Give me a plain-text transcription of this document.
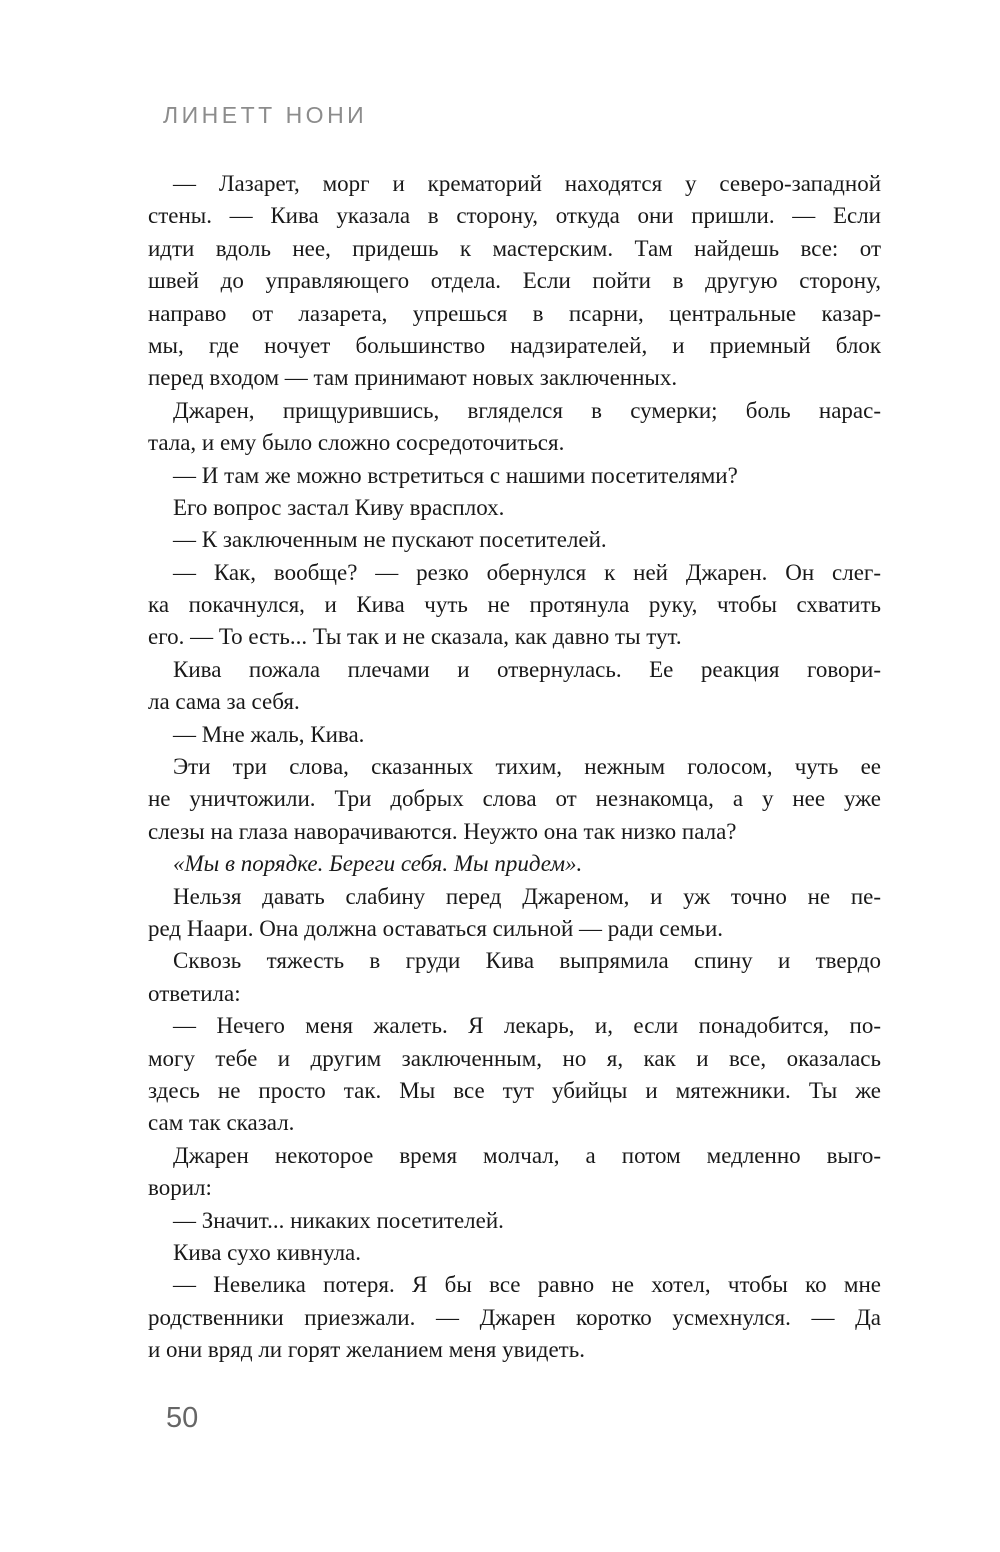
ЛИНЕТТ НОНИ
— Лазарет, морг и крематорий находятся у северо-западной
стены. — Кива указала в сторону, откуда они пришли. — Если
идти вдоль нее, придешь к мастерским. Там найдешь все: от
швей до управляющего отдела. Если пойти в другую сторону,
направо от лазарета, упрешься в псарни, центральные казар-
мы, где ночует большинство надзирателей, и приемный блок
перед входом — там принимают новых заключенных.
Джарен, прищурившись, вгляделся в сумерки; боль нарас-
тала, и ему было сложно сосредоточиться.
— И там же можно встретиться с нашими посетителями?
Его вопрос застал Киву врасплох.
— К заключенным не пускают посетителей.
— Как, вообще? — резко обернулся к ней Джарен. Он слег-
ка покачнулся, и Кива чуть не протянула руку, чтобы схватить
его. — То есть... Ты так и не сказала, как давно ты тут.
Кива пожала плечами и отвернулась. Ее реакция говори-
ла сама за себя.
— Мне жаль, Кива.
Эти три слова, сказанных тихим, нежным голосом, чуть ее
не уничтожили. Три добрых слова от незнакомца, а у нее уже
слезы на глаза наворачиваются. Неужто она так низко пала?
«Мы в порядке. Береги себя. Мы придем».
Нельзя давать слабину перед Джареном, и уж точно не пе-
ред Наари. Она должна оставаться сильной — ради семьи.
Сквозь тяжесть в груди Кива выпрямила спину и твердо
ответила:
— Нечего меня жалеть. Я лекарь, и, если понадобится, по-
могу тебе и другим заключенным, но я, как и все, оказалась
здесь не просто так. Мы все тут убийцы и мятежники. Ты же
сам так сказал.
Джарен некоторое время молчал, а потом медленно выго-
ворил:
— Значит... никаких посетителей.
Кива сухо кивнула.
— Невелика потеря. Я бы все равно не хотел, чтобы ко мне
родственники приезжали. — Джарен коротко усмехнулся. — Да
и они вряд ли горят желанием меня увидеть.
50
